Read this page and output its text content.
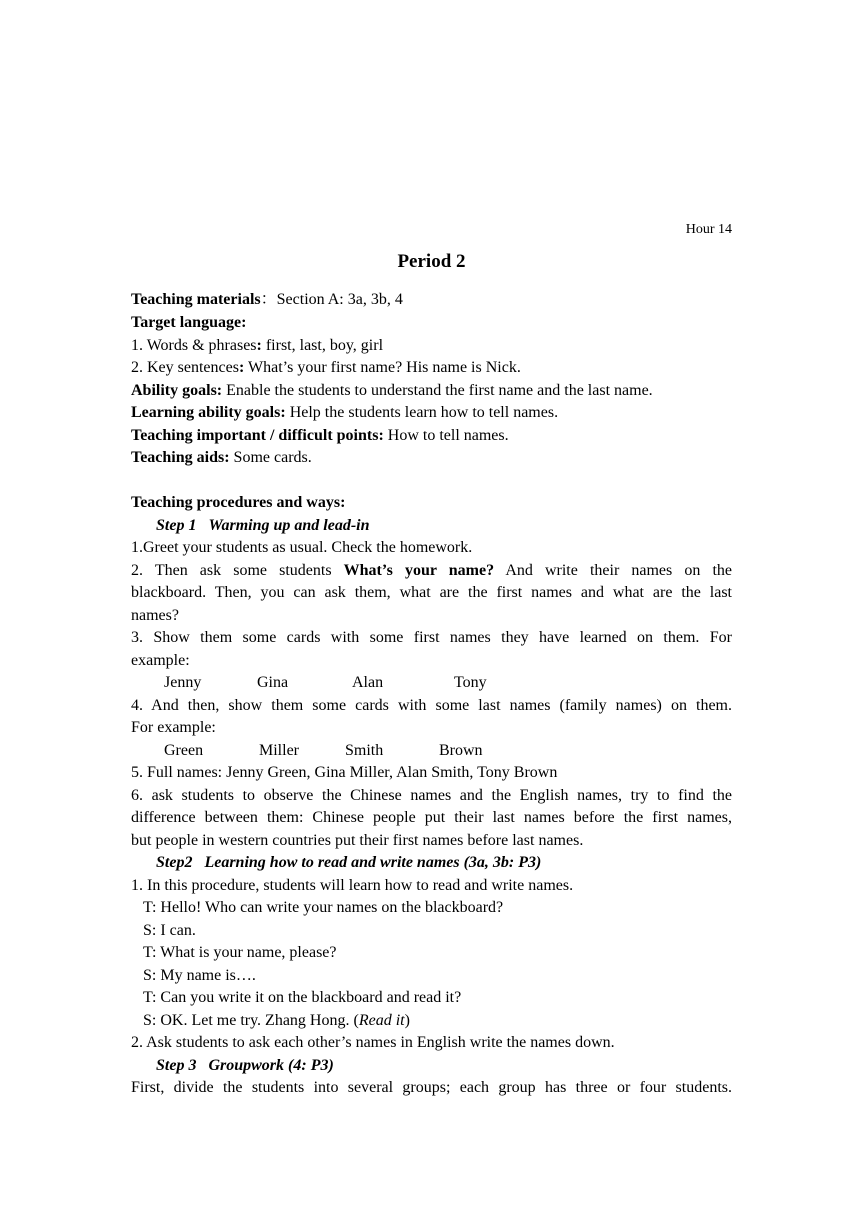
Hour 14
Period 2
Teaching materials：Section A: 3a, 3b, 4
Target language:
1. Words & phrases: first, last, boy, girl
2. Key sentences: What’s your first name? His name is Nick.
Ability goals: Enable the students to understand the first name and the last name.
Learning ability goals: Help the students learn how to tell names.
Teaching important / difficult points: How to tell names.
Teaching aids: Some cards.
Teaching procedures and ways:
Step 1 Warming up and lead-in
1.Greet your students as usual. Check the homework.
2. Then ask some students What’s your name? And write their names on the
blackboard. Then, you can ask them, what are the first names and what are the last
names?
3. Show them some cards with some first names they have learned on them. For
example:
Jenny	Gina	Alan	Tony
4. And then, show them some cards with some last names (family names) on them.
For example:
Green	Miller	Smith	Brown
5. Full names: Jenny Green, Gina Miller, Alan Smith, Tony Brown
6. ask students to observe the Chinese names and the English names, try to find the
difference between them: Chinese people put their last names before the first names,
but people in western countries put their first names before last names.
Step2 Learning how to read and write names (3a, 3b: P3)
1. In this procedure, students will learn how to read and write names.
T: Hello! Who can write your names on the blackboard?
S: I can.
T: What is your name, please?
S: My name is….
T: Can you write it on the blackboard and read it?
S: OK. Let me try. Zhang Hong. (Read it)
2. Ask students to ask each other’s names in English write the names down.
Step 3 Groupwork (4: P3)
First, divide the students into several groups; each group has three or four students.
